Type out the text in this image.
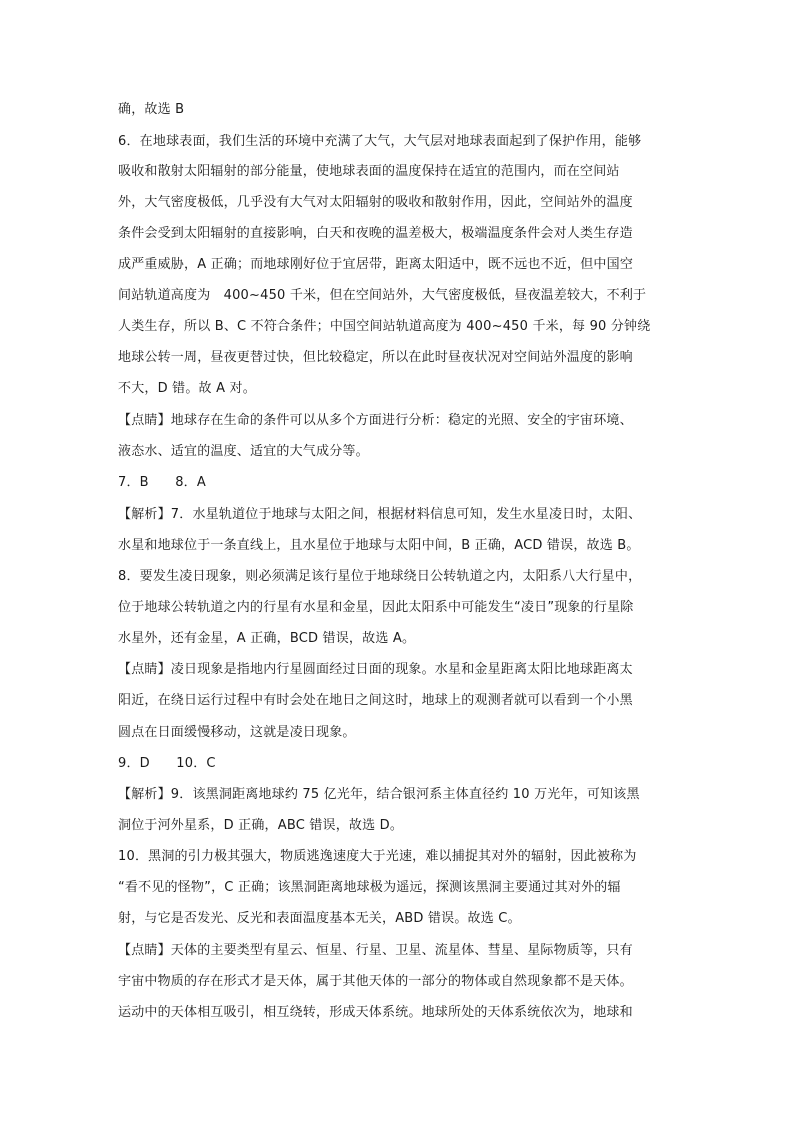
确，故选 B
6．在地球表面，我们生活的环境中充满了大气，大气层对地球表面起到了保护作用，能够
吸收和散射太阳辐射的部分能量，使地球表面的温度保持在适宜的范围内，而在空间站
外，大气密度极低，几乎没有大气对太阳辐射的吸收和散射作用，因此，空间站外的温度
条件会受到太阳辐射的直接影响，白天和夜晚的温差极大，极端温度条件会对人类生存造
成严重威胁，A 正确；而地球刚好位于宜居带，距离太阳适中，既不远也不近，但中国空
间站轨道高度为　400~450 千米，但在空间站外，大气密度极低，昼夜温差较大，不利于
人类生存，所以 B、C 不符合条件；中国空间站轨道高度为 400~450 千米，每 90 分钟绕
地球公转一周，昼夜更替过快，但比较稳定，所以在此时昼夜状况对空间站外温度的影响
不大，D 错。故 A 对。
【点睛】地球存在生命的条件可以从多个方面进行分析：稳定的光照、安全的宇宙环境、
液态水、适宜的温度、适宜的大气成分等。
7．B　　8．A
【解析】7．水星轨道位于地球与太阳之间，根据材料信息可知，发生水星凌日时，太阳、
水星和地球位于一条直线上，且水星位于地球与太阳中间，B 正确，ACD 错误，故选 B。
8．要发生凌日现象，则必须满足该行星位于地球绕日公转轨道之内，太阳系八大行星中，
位于地球公转轨道之内的行星有水星和金星，因此太阳系中可能发生“凌日”现象的行星除
水星外，还有金星，A 正确，BCD 错误，故选 A。
【点睛】凌日现象是指地内行星圆面经过日面的现象。水星和金星距离太阳比地球距离太
阳近，在绕日运行过程中有时会处在地日之间这时，地球上的观测者就可以看到一个小黑
圆点在日面缓慢移动，这就是凌日现象。
9．D　　10．C
【解析】9．该黑洞距离地球约 75 亿光年，结合银河系主体直径约 10 万光年，可知该黑
洞位于河外星系，D 正确，ABC 错误，故选 D。
10．黑洞的引力极其强大，物质逃逸速度大于光速，难以捕捉其对外的辐射，因此被称为
“看不见的怪物”，C 正确；该黑洞距离地球极为遥远，探测该黑洞主要通过其对外的辐
射，与它是否发光、反光和表面温度基本无关，ABD 错误。故选 C。
【点睛】天体的主要类型有星云、恒星、行星、卫星、流星体、彗星、星际物质等，只有
宇宙中物质的存在形式才是天体，属于其他天体的一部分的物体或自然现象都不是天体。
运动中的天体相互吸引，相互绕转，形成天体系统。地球所处的天体系统依次为，地球和
